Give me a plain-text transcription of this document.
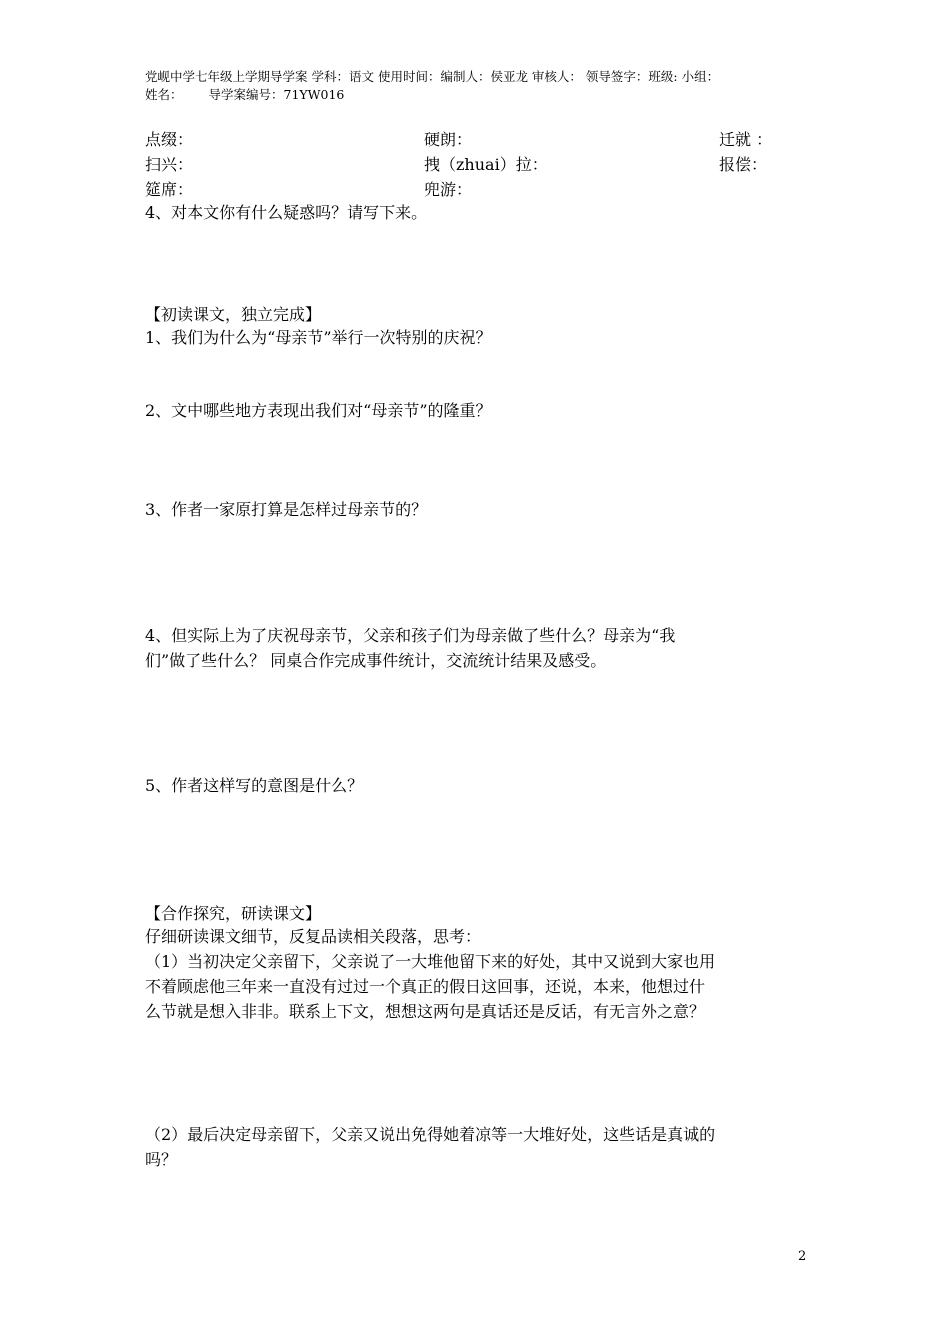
党岘中学七年级上学期导学案 学科：语文 使用时间：编制人：侯亚龙 审核人： 领导签字：班级: 小组：
姓名： 导学案编号：71YW016
点缀：	硬朗：	迁就 ：
扫兴：	拽（zhuai）拉：	报偿：
筵席：	兜游：
4、对本文你有什么疑惑吗？请写下来。
【初读课文，独立完成】
1、我们为什么为“母亲节”举行一次特别的庆祝？
2、文中哪些地方表现出我们对“母亲节”的隆重？
3、作者一家原打算是怎样过母亲节的？
4、但实际上为了庆祝母亲节，父亲和孩子们为母亲做了些什么？母亲为“我
们”做了些什么？ 同桌合作完成事件统计，交流统计结果及感受。
5、作者这样写的意图是什么？
【合作探究，研读课文】
仔细研读课文细节，反复品读相关段落，思考：
（1）当初决定父亲留下，父亲说了一大堆他留下来的好处，其中又说到大家也用
不着顾虑他三年来一直没有过过一个真正的假日这回事，还说，本来，他想过什
么节就是想入非非。联系上下文，想想这两句是真话还是反话，有无言外之意？
（2）最后决定母亲留下，父亲又说出免得她着凉等一大堆好处，这些话是真诚的
吗？
2
